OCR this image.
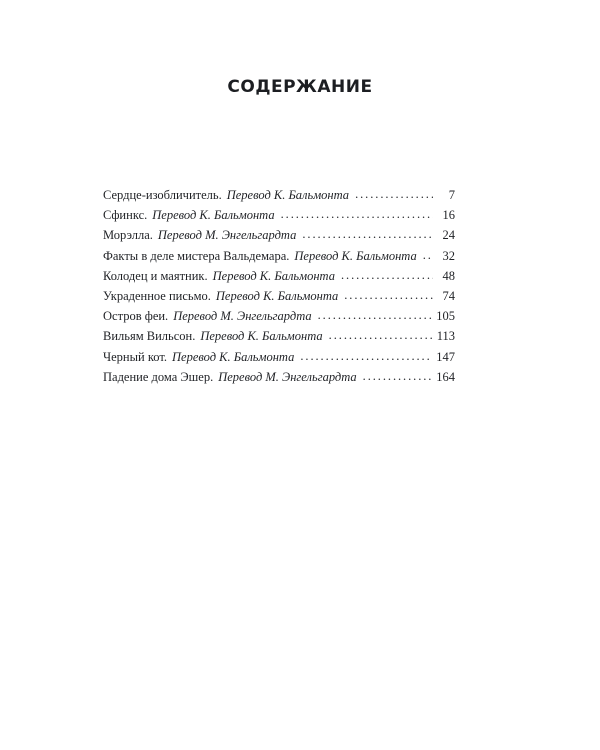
СОДЕРЖАНИЕ
Сердце-изобличитель. Перевод К. Бальмонта . . .	7
Сфинкс. Перевод К. Бальмонта . . .	16
Морэлла. Перевод М. Энгельгардта . . .	24
Факты в деле мистера Вальдемара. Перевод К. Бальмонта . . .	32
Колодец и маятник. Перевод К. Бальмонта . . .	48
Украденное письмо. Перевод К. Бальмонта . . .	74
Остров феи. Перевод М. Энгельгардта . . .	105
Вильям Вильсон. Перевод К. Бальмонта . . .	113
Черный кот. Перевод К. Бальмонта . . .	147
Падение дома Эшер. Перевод М. Энгельгардта . . .	164
